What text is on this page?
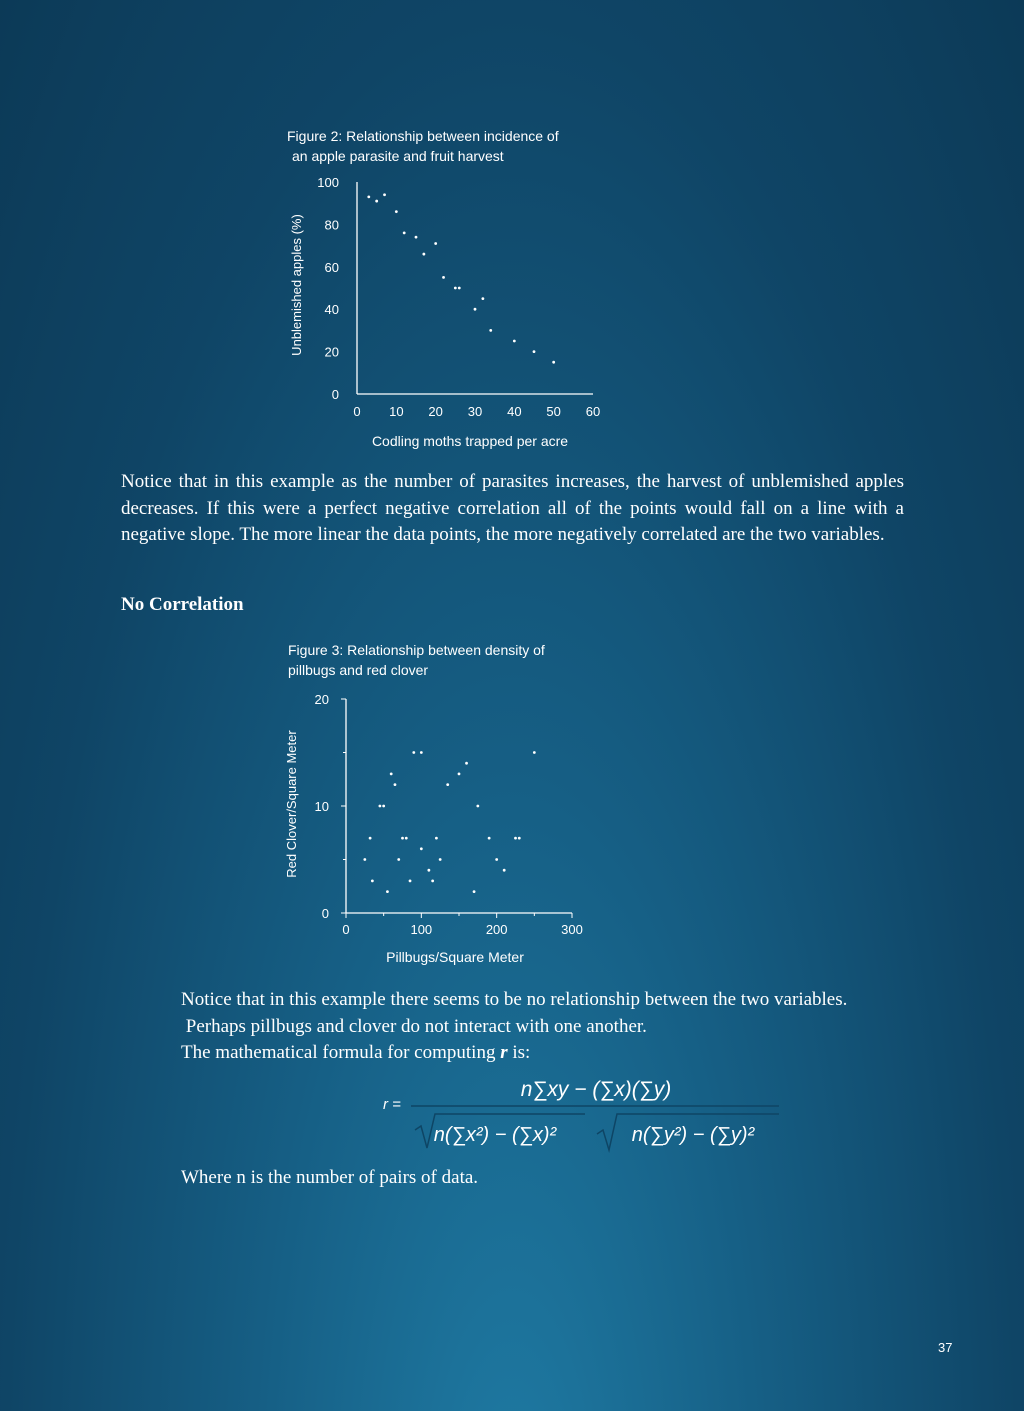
Figure 2: Relationship between incidence of

an apple parasite and fruit harvest

0
20
40
60
80
100
0 10 20 30 40 50 60
Codling moths trapped per acre
Unblemished apples (%)

Notice that in this example as the number of parasites increases, the harvest of unblemished apples decreases. If this were a perfect negative correlation all of the points would fall on a line with a negative slope. The more linear the data points, the more negatively correlated are the two variables.

No Correlation

Figure 3: Relationship between density of

pillbugs and red clover

0
10
20
0	100	200	300
Pillbugs/Square Meter
Red Clover/Square Meter

Notice that in this example there seems to be no relationship between the two variables.

Perhaps pillbugs and clover do not interact with one another.

The mathematical formula for computing r is:

r =
n∑xy − (∑x)(∑y)
n(∑x²) − (∑x)²	n(∑y²) − (∑y)²

Where n is the number of pairs of data.

37
